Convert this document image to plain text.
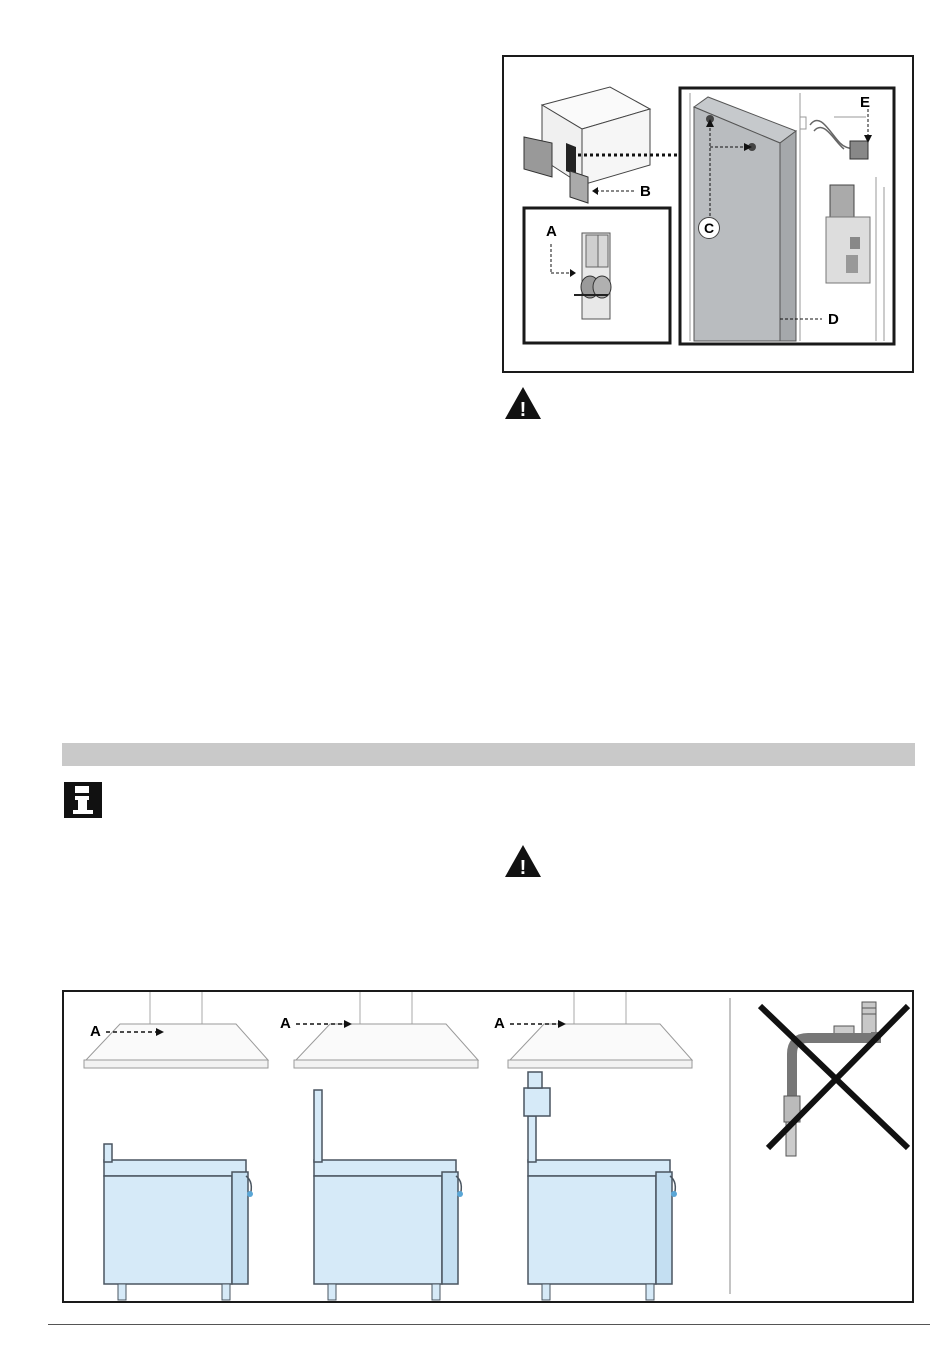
A
B
C
D
E
!
!
A	A	A
